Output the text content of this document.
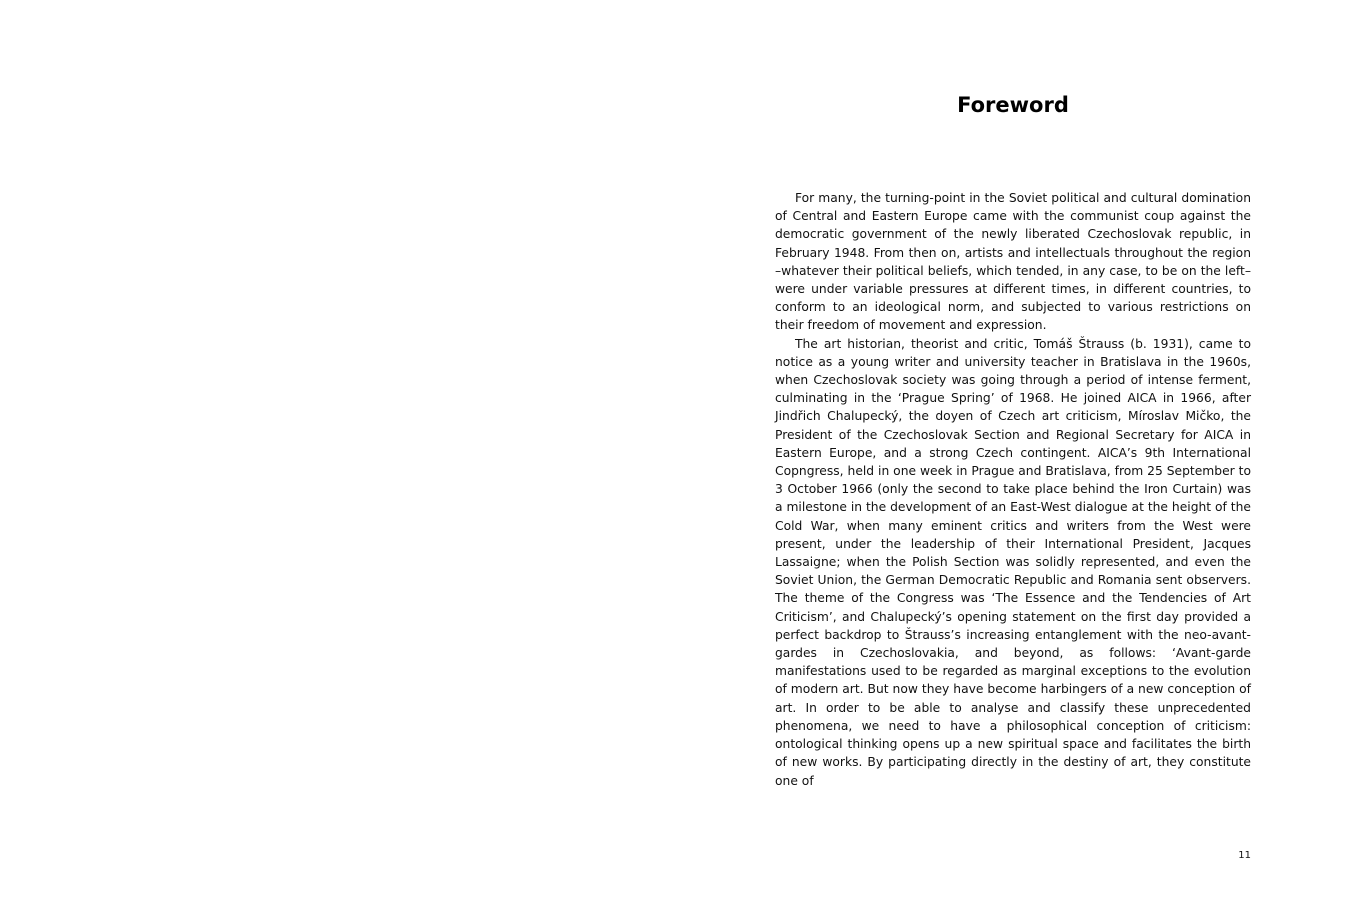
Foreword

For many, the turning-point in the Soviet political and cultural domination of Central and Eastern Europe came with the communist coup against the democratic government of the newly liberated Czechoslovak republic, in February 1948. From then on, artists and intellectuals throughout the region –whatever their political beliefs, which tended, in any case, to be on the left– were under variable pressures at different times, in different countries, to conform to an ideological norm, and subjected to various restrictions on their freedom of movement and expression.

The art historian, theorist and critic, Tomáš Štrauss (b. 1931), came to notice as a young writer and university teacher in Bratislava in the 1960s, when Czechoslovak society was going through a period of intense ferment, culminating in the ‘Prague Spring’ of 1968. He joined AICA in 1966, after Jindřich Chalupecký, the doyen of Czech art criticism, Míroslav Mičko, the President of the Czechoslovak Section and Regional Secretary for AICA in Eastern Europe, and a strong Czech contingent. AICA’s 9th International Copngress, held in one week in Prague and Bratislava, from 25 September to 3 October 1966 (only the second to take place behind the Iron Curtain) was a milestone in the development of an East-West dialogue at the height of the Cold War, when many eminent critics and writers from the West were present, under the leadership of their International President, Jacques Lassaigne; when the Polish Section was solidly represented, and even the Soviet Union, the German Democratic Republic and Romania sent observers. The theme of the Congress was ‘The Essence and the Tendencies of Art Criticism’, and Chalupecký’s opening statement on the first day provided a perfect backdrop to Štrauss’s increasing entanglement with the neo-avant-gardes in Czechoslovakia, and beyond, as follows: ‘Avant-garde manifestations used to be regarded as marginal exceptions to the evolution of modern art. But now they have become harbingers of a new conception of art. In order to be able to analyse and classify these unprecedented phenomena, we need to have a philosophical conception of criticism: ontological thinking opens up a new spiritual space and facilitates the birth of new works. By participating directly in the destiny of art, they constitute one of

11
